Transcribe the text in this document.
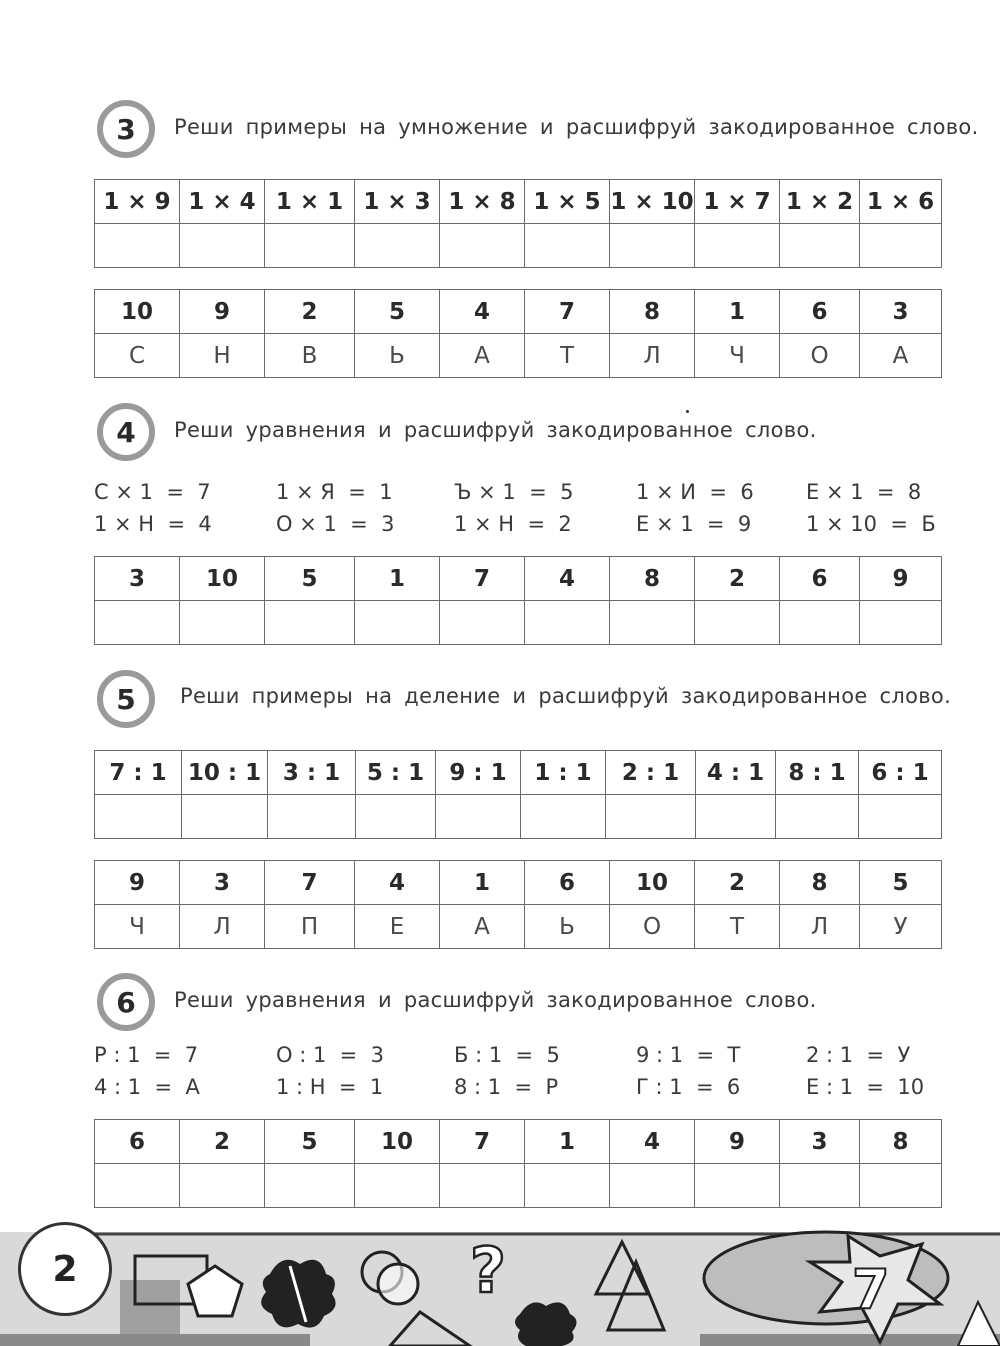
3 Реши примеры на умножение и расшифруй закодированное слово.
1 × 9	1 × 4	1 × 1	1 × 3	1 × 8	1 × 5	1 × 10	1 × 7	1 × 2	1 × 6

10	9	2	5	4	7	8	1	6	3
С	Н	В	Ь	А	Т	Л	Ч	О	А
4 Реши уравнения и расшифруй закодированное слово.
С × 1  =  7	1 × Я  =  1	Ъ × 1  =  5	1 × И  =  6	Е × 1  =  8
1 × Н  =  4	О × 1  =  3	1 × Н  =  2	Е × 1  =  9	1 × 10  =  Б
3	10	5	1	7	4	8	2	6	9

5 Реши примеры на деление и расшифруй закодированное слово.
7 : 1	10 : 1	3 : 1	5 : 1	9 : 1	1 : 1	2 : 1	4 : 1	8 : 1	6 : 1

9	3	7	4	1	6	10	2	8	5
Ч	Л	П	Е	А	Ь	О	Т	Л	У
6 Реши уравнения и расшифруй закодированное слово.
Р : 1  =  7	О : 1  =  3	Б : 1  =  5	9 : 1  =  Т	2 : 1  =  У
4 : 1  =  А	1 : Н  =  1	8 : 1  =  Р	Г : 1  =  6	Е : 1  =  10
6	2	5	10	7	1	4	9	3	8

?	7
2
